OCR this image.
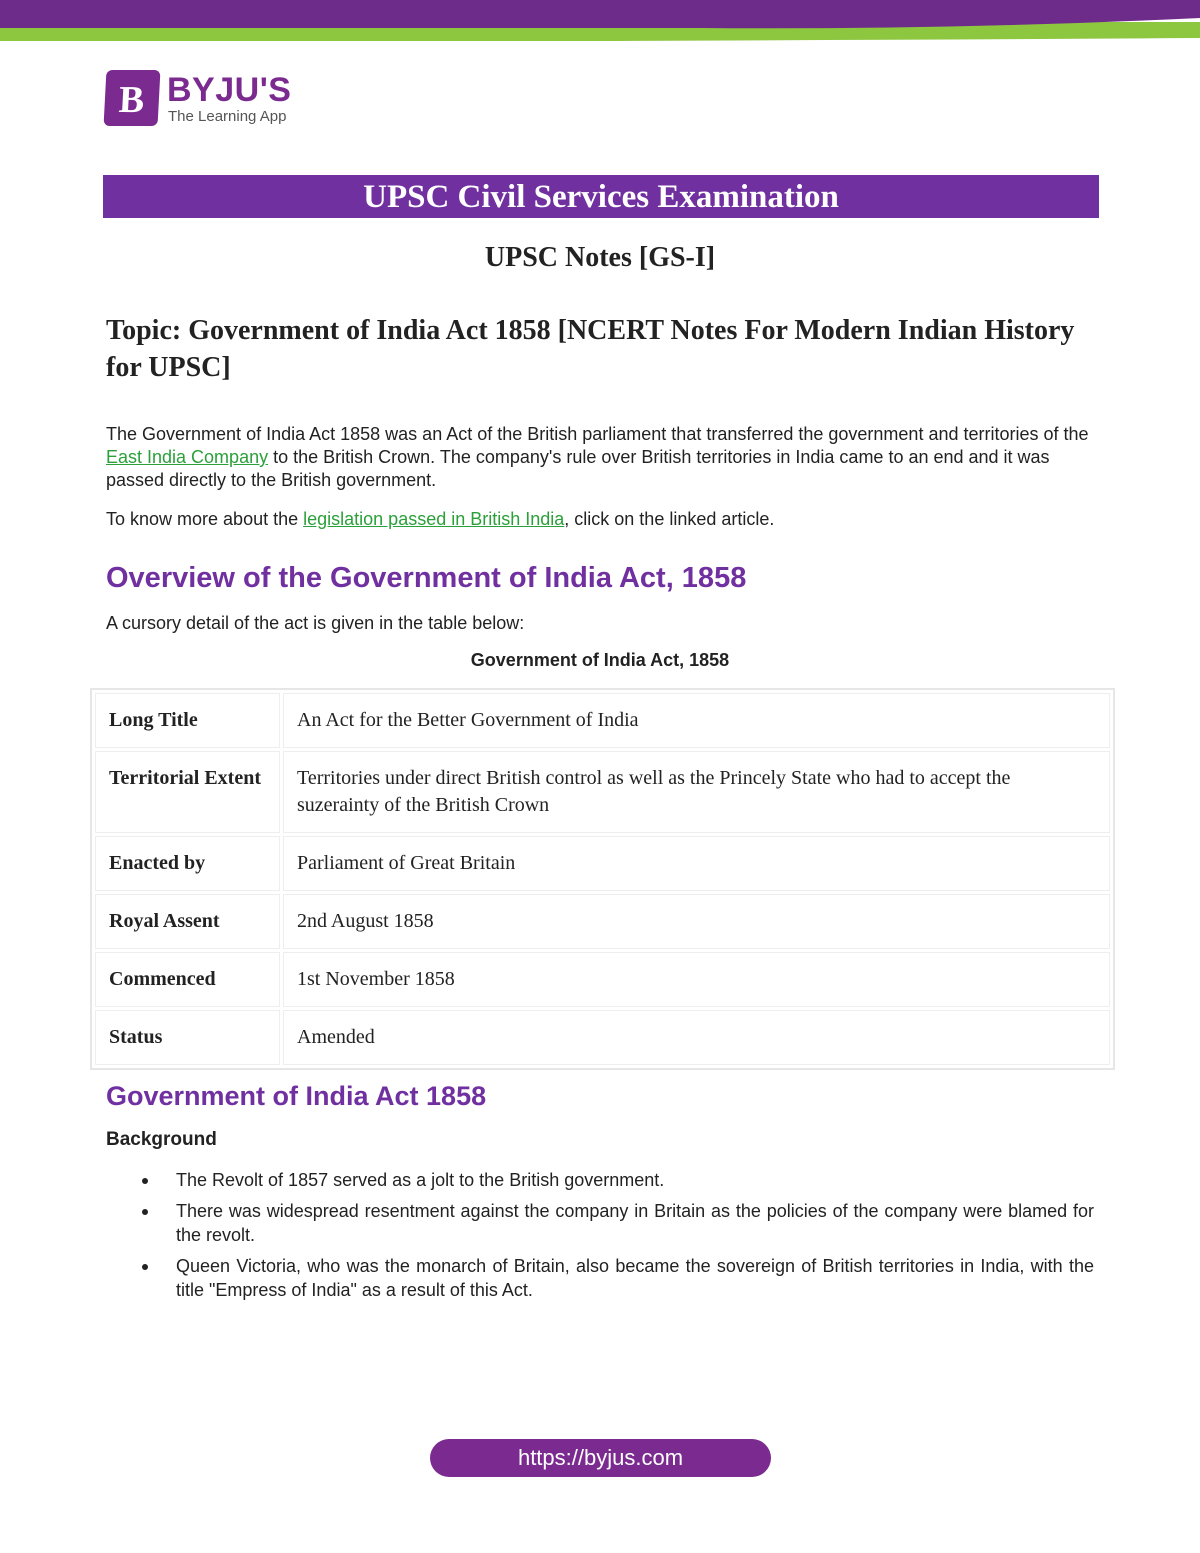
B BYJU'S
The Learning App
UPSC Civil Services Examination
UPSC Notes [GS-I]
Topic: Government of India Act 1858 [NCERT Notes For Modern Indian History for UPSC]
The Government of India Act 1858 was an Act of the British parliament that transferred the government and territories of the East India Company to the British Crown. The company's rule over British territories in India came to an end and it was passed directly to the British government.
To know more about the legislation passed in British India, click on the linked article.
Overview of the Government of India Act, 1858
A cursory detail of the act is given in the table below:
Government of India Act, 1858
Long Title	An Act for the Better Government of India
Territorial Extent	Territories under direct British control as well as the Princely State who had to accept the suzerainty of the British Crown
Enacted by	Parliament of Great Britain
Royal Assent	2nd August 1858
Commenced	1st November 1858
Status	Amended
Government of India Act 1858
Background
The Revolt of 1857 served as a jolt to the British government.
There was widespread resentment against the company in Britain as the policies of the company were blamed for the revolt.
Queen Victoria, who was the monarch of Britain, also became the sovereign of British territories in India, with the title "Empress of India" as a result of this Act.
https://byjus.com
